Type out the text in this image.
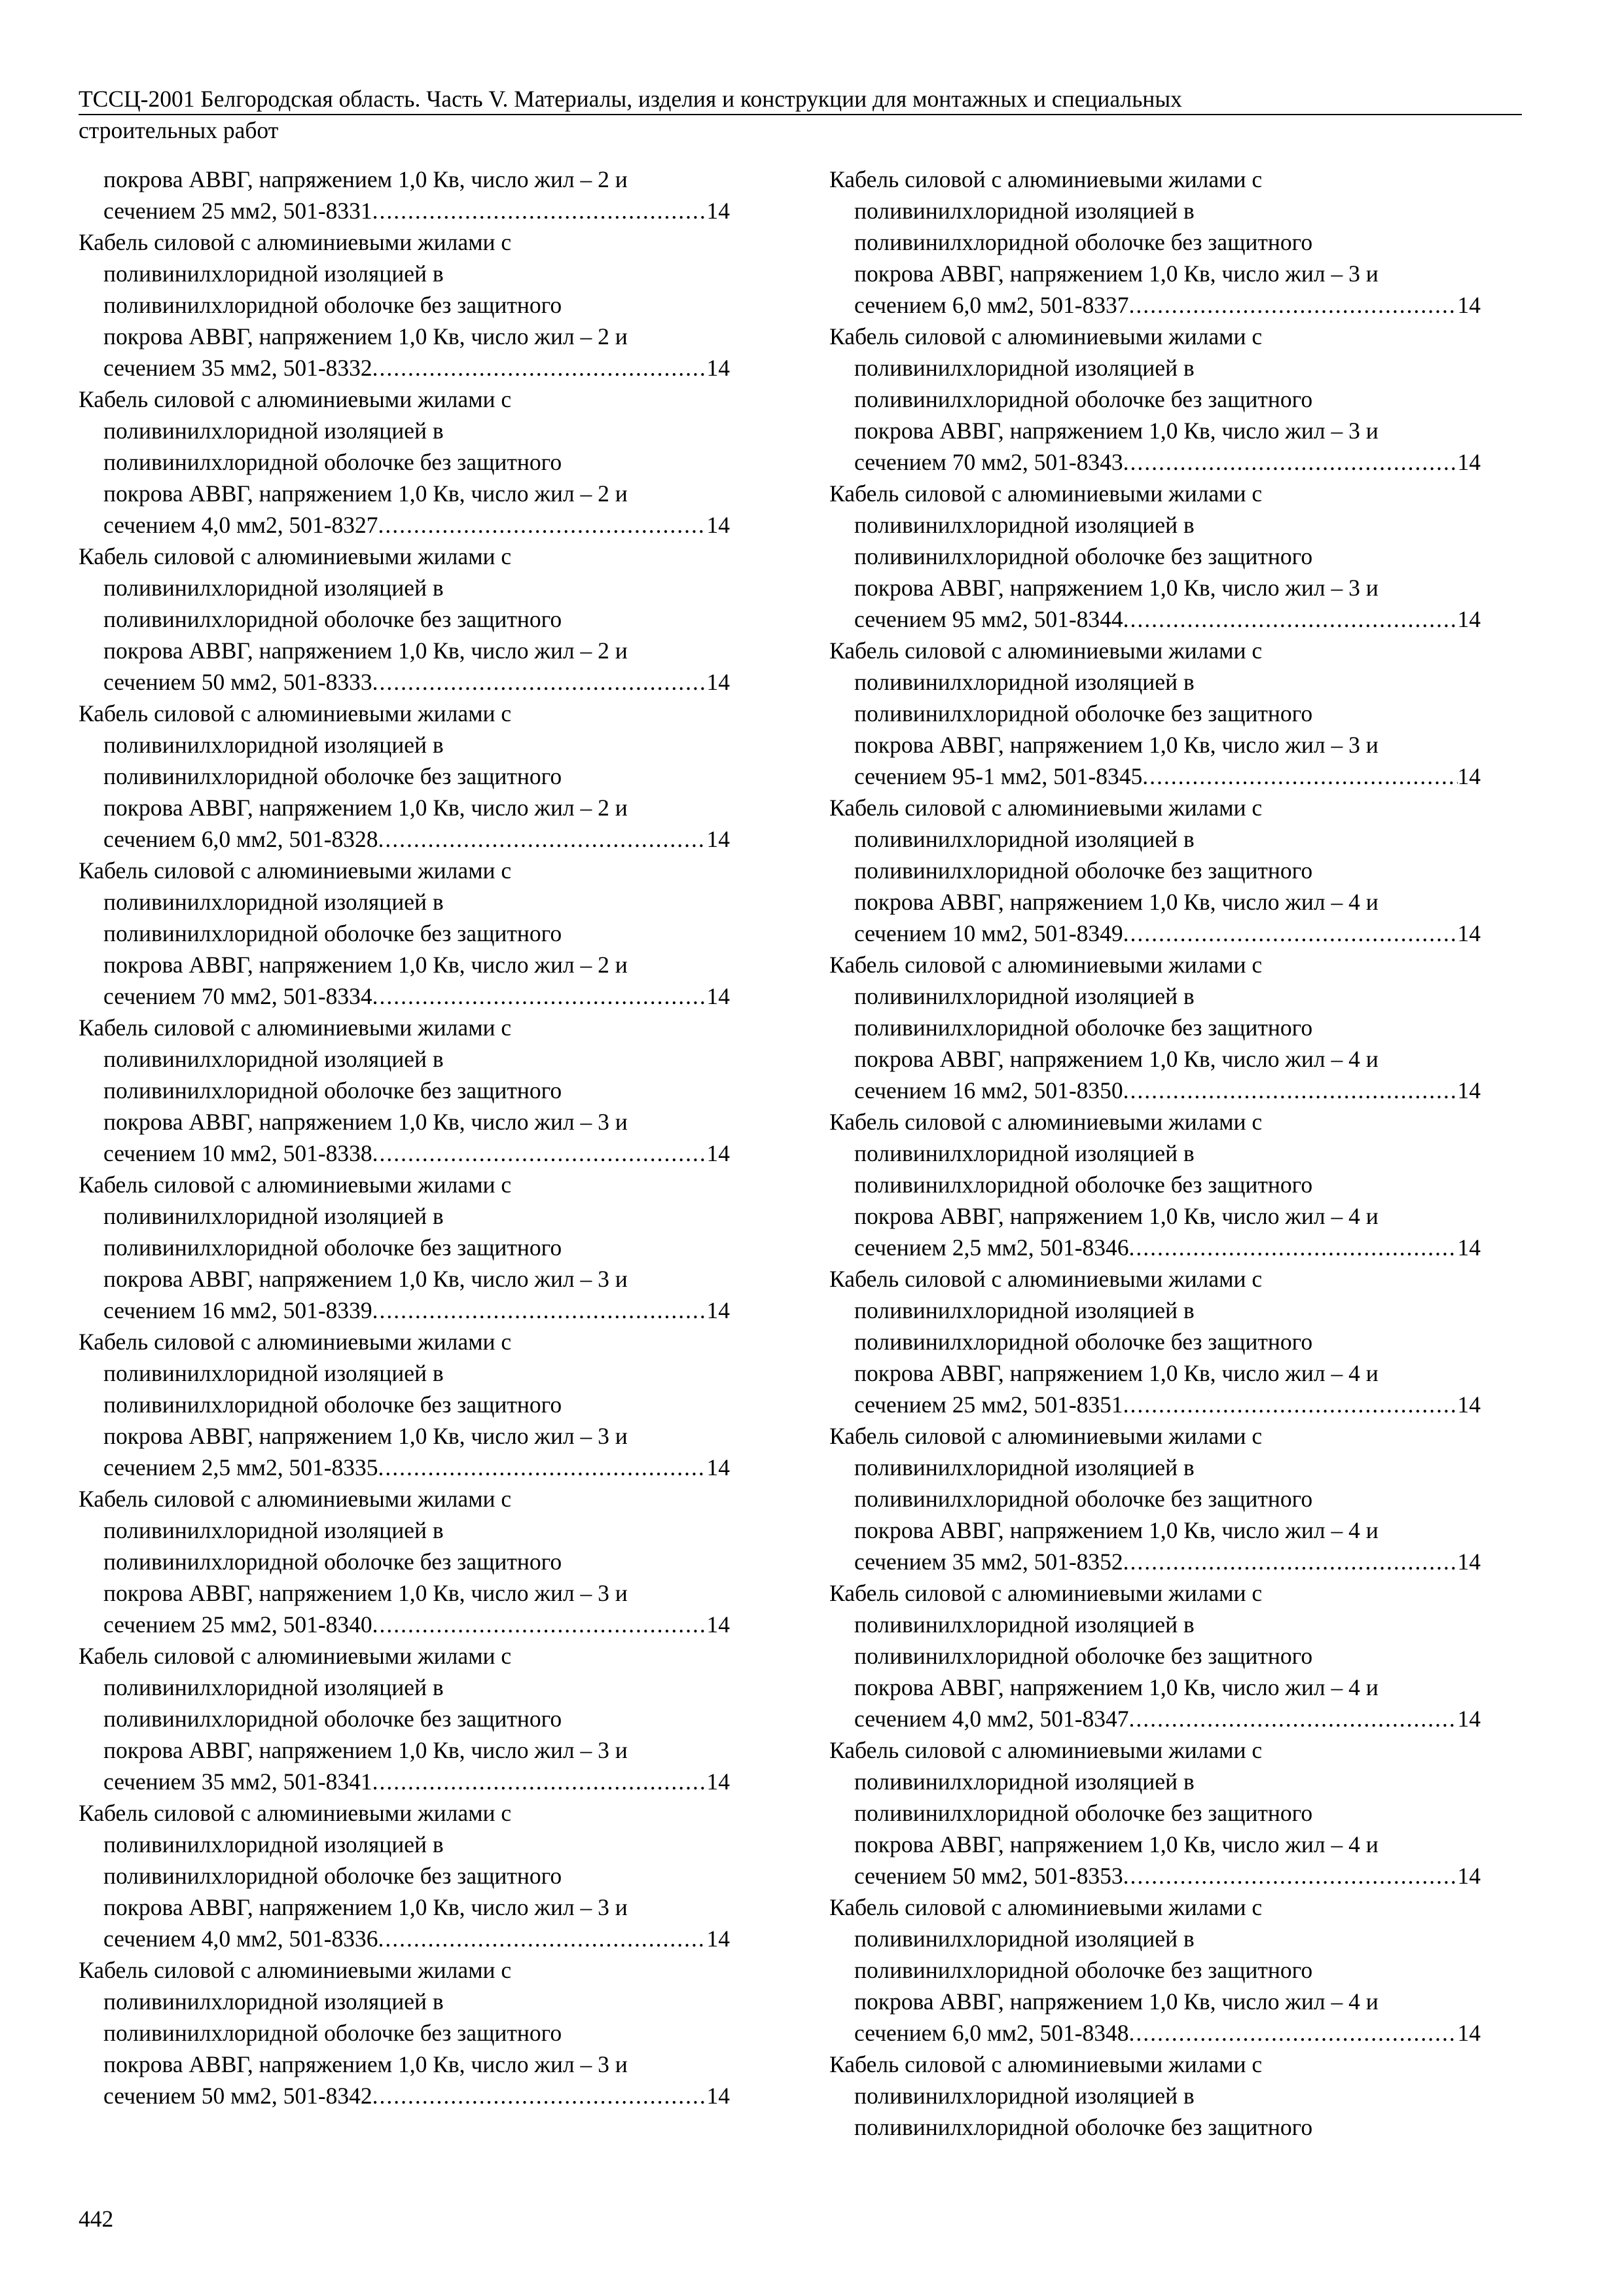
ТССЦ-2001 Белгородская область. Часть V. Материалы, изделия и конструкции для монтажных и специальных
строительных работ
покрова АВВГ, напряжением 1,0 Кв, число жил – 2 и
сечением 25 мм2, 501-8331 .....	14
Кабель силовой с алюминиевыми жилами с
поливинилхлоридной изоляцией в
поливинилхлоридной оболочке без защитного
покрова АВВГ, напряжением 1,0 Кв, число жил – 2 и
сечением 35 мм2, 501-8332 .....	14
Кабель силовой с алюминиевыми жилами с
поливинилхлоридной изоляцией в
поливинилхлоридной оболочке без защитного
покрова АВВГ, напряжением 1,0 Кв, число жил – 2 и
сечением 4,0 мм2, 501-8327 .....	14
Кабель силовой с алюминиевыми жилами с
поливинилхлоридной изоляцией в
поливинилхлоридной оболочке без защитного
покрова АВВГ, напряжением 1,0 Кв, число жил – 2 и
сечением 50 мм2, 501-8333 .....	14
Кабель силовой с алюминиевыми жилами с
поливинилхлоридной изоляцией в
поливинилхлоридной оболочке без защитного
покрова АВВГ, напряжением 1,0 Кв, число жил – 2 и
сечением 6,0 мм2, 501-8328 .....	14
Кабель силовой с алюминиевыми жилами с
поливинилхлоридной изоляцией в
поливинилхлоридной оболочке без защитного
покрова АВВГ, напряжением 1,0 Кв, число жил – 2 и
сечением 70 мм2, 501-8334 .....	14
Кабель силовой с алюминиевыми жилами с
поливинилхлоридной изоляцией в
поливинилхлоридной оболочке без защитного
покрова АВВГ, напряжением 1,0 Кв, число жил – 3 и
сечением 10 мм2, 501-8338 .....	14
Кабель силовой с алюминиевыми жилами с
поливинилхлоридной изоляцией в
поливинилхлоридной оболочке без защитного
покрова АВВГ, напряжением 1,0 Кв, число жил – 3 и
сечением 16 мм2, 501-8339 .....	14
Кабель силовой с алюминиевыми жилами с
поливинилхлоридной изоляцией в
поливинилхлоридной оболочке без защитного
покрова АВВГ, напряжением 1,0 Кв, число жил – 3 и
сечением 2,5 мм2, 501-8335 .....	14
Кабель силовой с алюминиевыми жилами с
поливинилхлоридной изоляцией в
поливинилхлоридной оболочке без защитного
покрова АВВГ, напряжением 1,0 Кв, число жил – 3 и
сечением 25 мм2, 501-8340 .....	14
Кабель силовой с алюминиевыми жилами с
поливинилхлоридной изоляцией в
поливинилхлоридной оболочке без защитного
покрова АВВГ, напряжением 1,0 Кв, число жил – 3 и
сечением 35 мм2, 501-8341 .....	14
Кабель силовой с алюминиевыми жилами с
поливинилхлоридной изоляцией в
поливинилхлоридной оболочке без защитного
покрова АВВГ, напряжением 1,0 Кв, число жил – 3 и
сечением 4,0 мм2, 501-8336 .....	14
Кабель силовой с алюминиевыми жилами с
поливинилхлоридной изоляцией в
поливинилхлоридной оболочке без защитного
покрова АВВГ, напряжением 1,0 Кв, число жил – 3 и
сечением 50 мм2, 501-8342 .....	14
Кабель силовой с алюминиевыми жилами с
поливинилхлоридной изоляцией в
поливинилхлоридной оболочке без защитного
покрова АВВГ, напряжением 1,0 Кв, число жил – 3 и
сечением 6,0 мм2, 501-8337 .....	14
Кабель силовой с алюминиевыми жилами с
поливинилхлоридной изоляцией в
поливинилхлоридной оболочке без защитного
покрова АВВГ, напряжением 1,0 Кв, число жил – 3 и
сечением 70 мм2, 501-8343 .....	14
Кабель силовой с алюминиевыми жилами с
поливинилхлоридной изоляцией в
поливинилхлоридной оболочке без защитного
покрова АВВГ, напряжением 1,0 Кв, число жил – 3 и
сечением 95 мм2, 501-8344 .....	14
Кабель силовой с алюминиевыми жилами с
поливинилхлоридной изоляцией в
поливинилхлоридной оболочке без защитного
покрова АВВГ, напряжением 1,0 Кв, число жил – 3 и
сечением 95-1 мм2, 501-8345 .....	14
Кабель силовой с алюминиевыми жилами с
поливинилхлоридной изоляцией в
поливинилхлоридной оболочке без защитного
покрова АВВГ, напряжением 1,0 Кв, число жил – 4 и
сечением 10 мм2, 501-8349 .....	14
Кабель силовой с алюминиевыми жилами с
поливинилхлоридной изоляцией в
поливинилхлоридной оболочке без защитного
покрова АВВГ, напряжением 1,0 Кв, число жил – 4 и
сечением 16 мм2, 501-8350 .....	14
Кабель силовой с алюминиевыми жилами с
поливинилхлоридной изоляцией в
поливинилхлоридной оболочке без защитного
покрова АВВГ, напряжением 1,0 Кв, число жил – 4 и
сечением 2,5 мм2, 501-8346 .....	14
Кабель силовой с алюминиевыми жилами с
поливинилхлоридной изоляцией в
поливинилхлоридной оболочке без защитного
покрова АВВГ, напряжением 1,0 Кв, число жил – 4 и
сечением 25 мм2, 501-8351 .....	14
Кабель силовой с алюминиевыми жилами с
поливинилхлоридной изоляцией в
поливинилхлоридной оболочке без защитного
покрова АВВГ, напряжением 1,0 Кв, число жил – 4 и
сечением 35 мм2, 501-8352 .....	14
Кабель силовой с алюминиевыми жилами с
поливинилхлоридной изоляцией в
поливинилхлоридной оболочке без защитного
покрова АВВГ, напряжением 1,0 Кв, число жил – 4 и
сечением 4,0 мм2, 501-8347 .....	14
Кабель силовой с алюминиевыми жилами с
поливинилхлоридной изоляцией в
поливинилхлоридной оболочке без защитного
покрова АВВГ, напряжением 1,0 Кв, число жил – 4 и
сечением 50 мм2, 501-8353 .....	14
Кабель силовой с алюминиевыми жилами с
поливинилхлоридной изоляцией в
поливинилхлоридной оболочке без защитного
покрова АВВГ, напряжением 1,0 Кв, число жил – 4 и
сечением 6,0 мм2, 501-8348 .....	14
Кабель силовой с алюминиевыми жилами с
поливинилхлоридной изоляцией в
поливинилхлоридной оболочке без защитного
442
